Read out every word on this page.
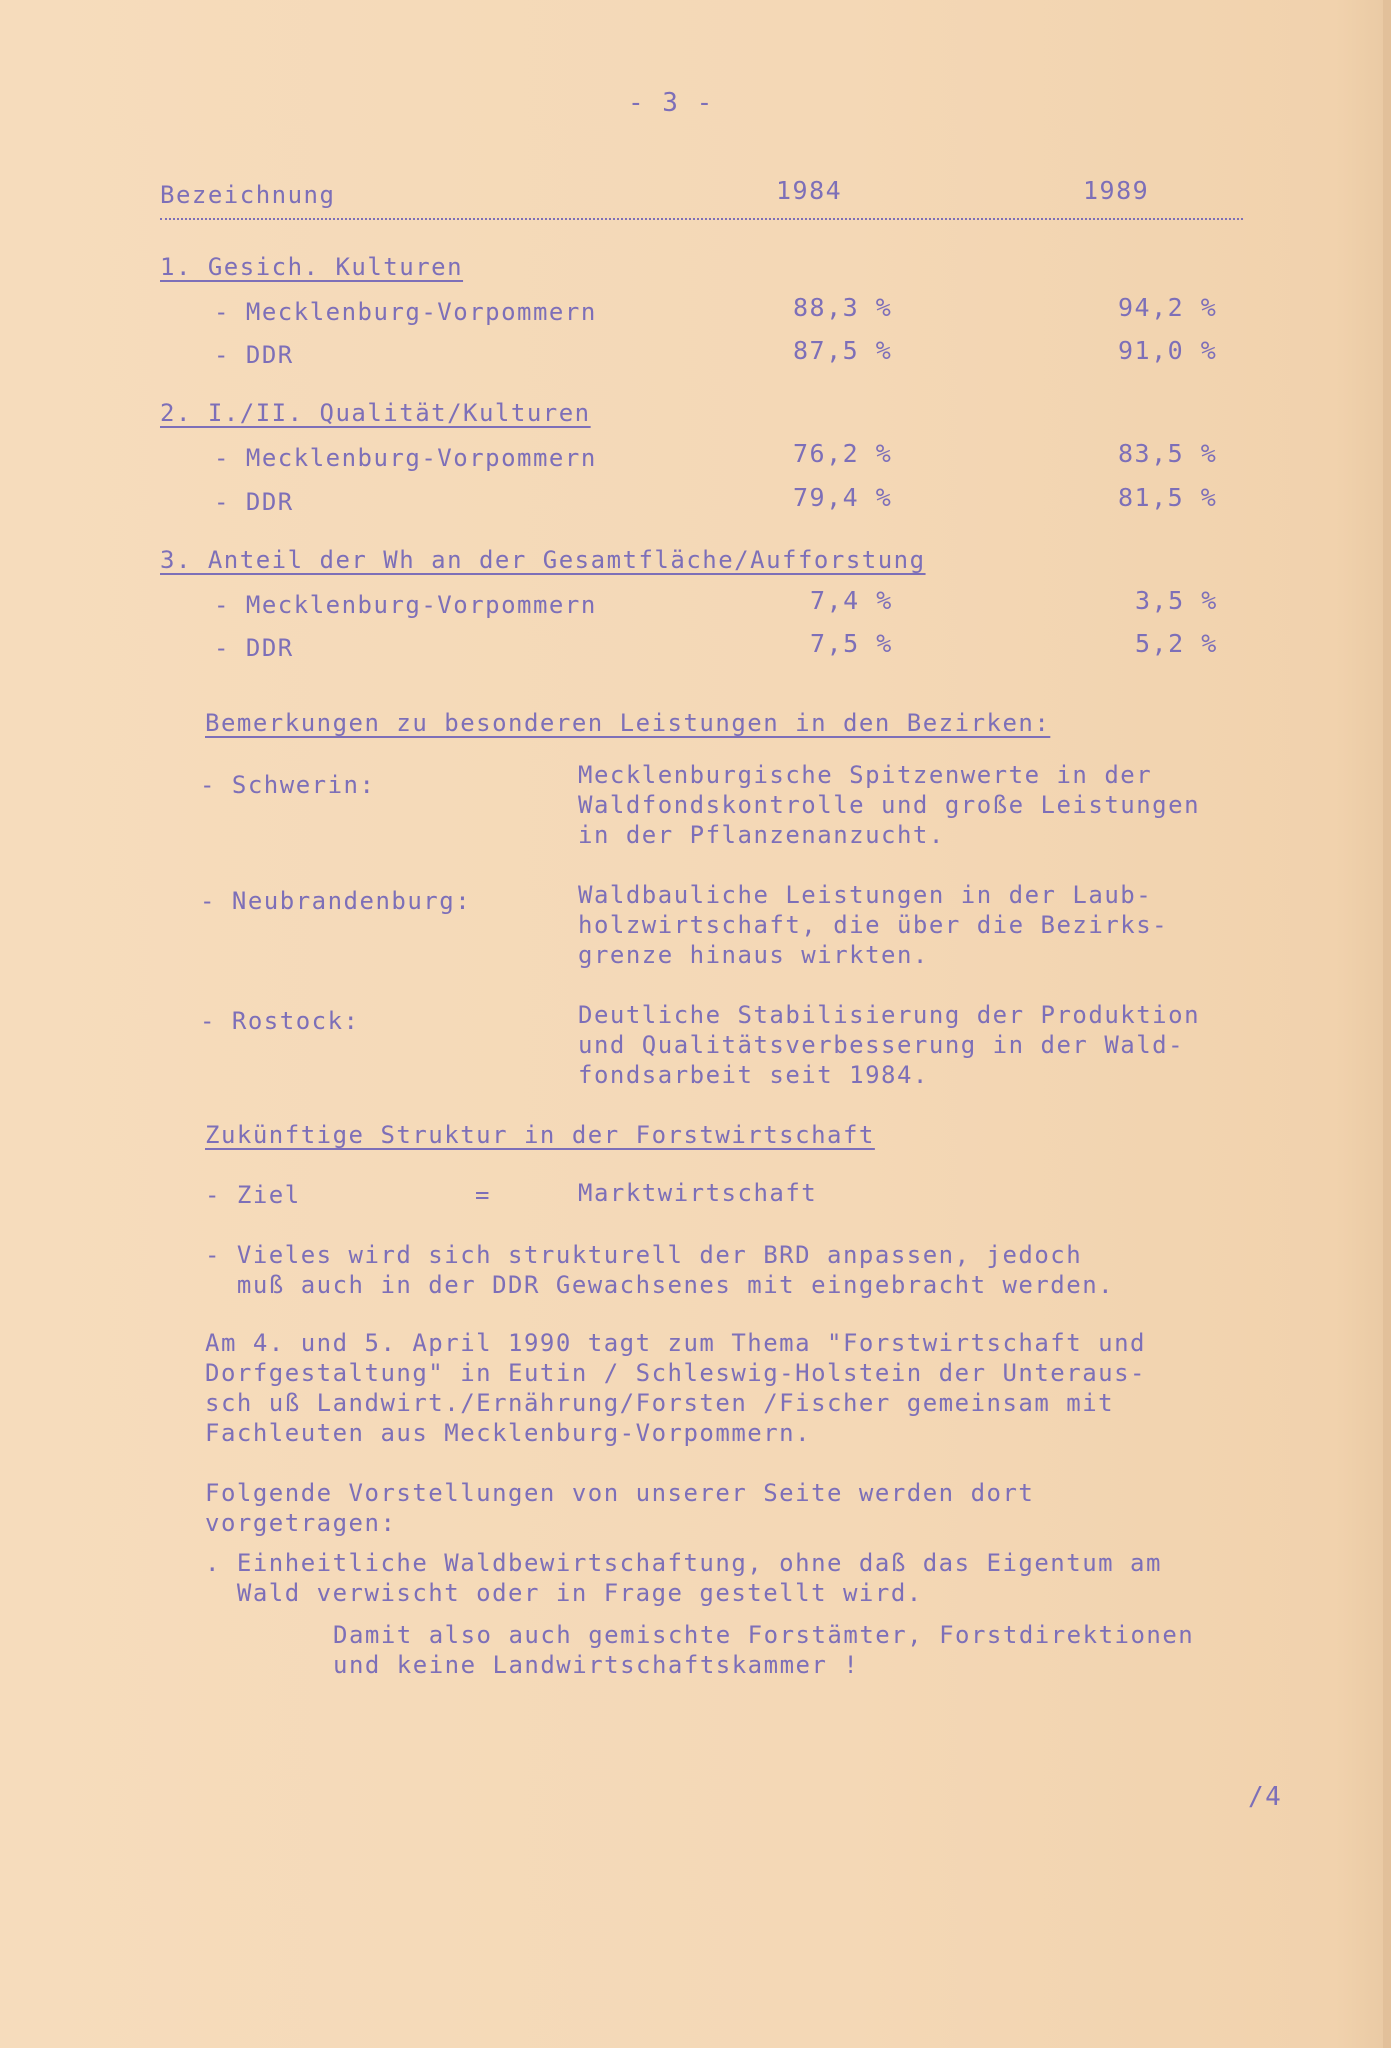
- 3 -
Bezeichnung	1984	1989
1. Gesich. Kulturen
- Mecklenburg-Vorpommern	88,3 %	94,2 %
- DDR	87,5 %	91,0 %
2. I./II. Qualität/Kulturen
- Mecklenburg-Vorpommern	76,2 %	83,5 %
- DDR	79,4 %	81,5 %
3. Anteil der Wh an der Gesamtfläche/Aufforstung
- Mecklenburg-Vorpommern	7,4 %	3,5 %
- DDR	7,5 %	5,2 %
Bemerkungen zu besonderen Leistungen in den Bezirken:
- Schwerin:	Mecklenburgische Spitzenwerte in der
Waldfondskontrolle und große Leistungen
in der Pflanzenanzucht.
- Neubrandenburg:	Waldbauliche Leistungen in der Laub-
holzwirtschaft, die über die Bezirks-
grenze hinaus wirkten.
- Rostock:	Deutliche Stabilisierung der Produktion
und Qualitätsverbesserung in der Wald-
fondsarbeit seit 1984.
Zukünftige Struktur in der Forstwirtschaft
- Ziel	=	Marktwirtschaft
- Vieles wird sich strukturell der BRD anpassen, jedoch
muß auch in der DDR Gewachsenes mit eingebracht werden.
Am 4. und 5. April 1990 tagt zum Thema "Forstwirtschaft und
Dorfgestaltung" in Eutin / Schleswig-Holstein der Unteraus-
sch uß Landwirt./Ernährung/Forsten /Fischer gemeinsam mit
Fachleuten aus Mecklenburg-Vorpommern.
Folgende Vorstellungen von unserer Seite werden dort
vorgetragen:
. Einheitliche Waldbewirtschaftung, ohne daß das Eigentum am
Wald verwischt oder in Frage gestellt wird.
Damit also auch gemischte Forstämter, Forstdirektionen
und keine Landwirtschaftskammer !
/4
